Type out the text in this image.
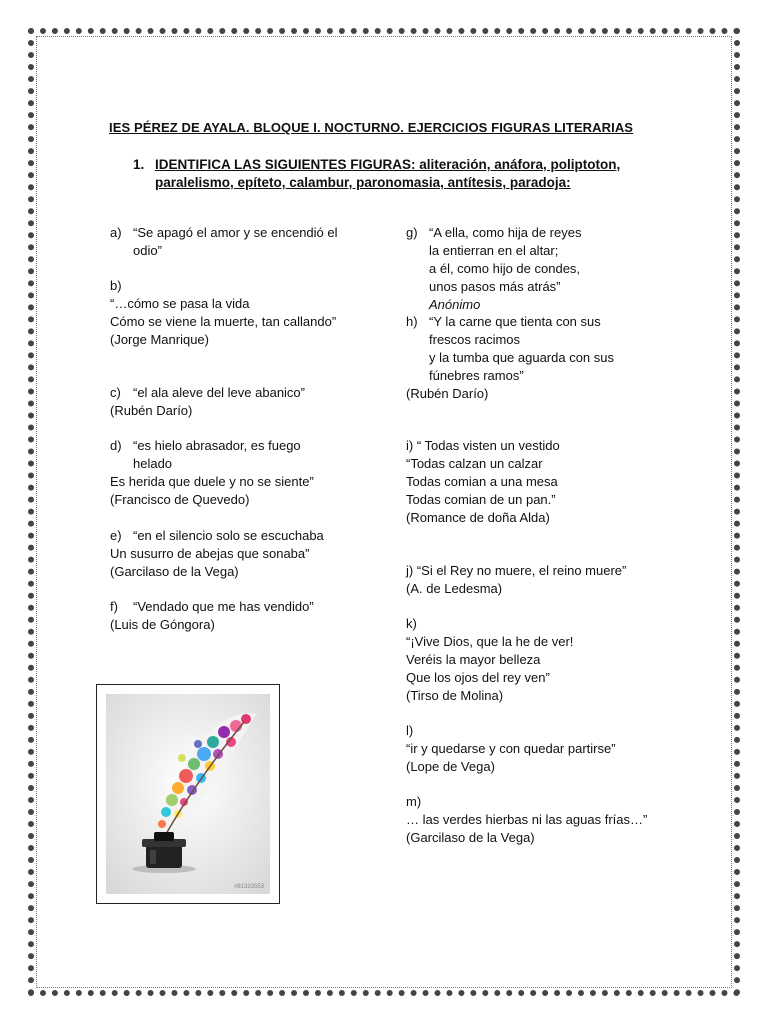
IES PÉREZ DE AYALA. BLOQUE I. NOCTURNO. EJERCICIOS FIGURAS LITERARIAS
1. IDENTIFICA LAS SIGUIENTES FIGURAS: aliteración, anáfora, poliptoton,
paralelismo, epíteto, calambur, paronomasia, antítesis, paradoja:
a) “Se apagó el amor y se encendió el
odio”
b)
“…cómo se pasa la vida
Cómo se viene la muerte, tan callando”
(Jorge Manrique)
c) “el ala aleve del leve abanico”
(Rubén Darío)
d) “es hielo abrasador, es fuego
helado
Es herida que duele y no se siente”
(Francisco de Quevedo)
e) “en el silencio solo se escuchaba
Un susurro de abejas que sonaba”
(Garcilaso de la Vega)
f) “Vendado que me has vendido”
(Luis de Góngora)
g) “A ella, como hija de reyes
la entierran en el altar;
a él, como hijo de condes,
unos pasos más atrás”
Anónimo
h) “Y la carne que tienta con sus
frescos racimos
y la tumba que aguarda con sus
fúnebres ramos”
(Rubén Darío)
i) “ Todas visten un vestido
“Todas calzan un calzar
Todas comian a una mesa
Todas comian de un pan.”
(Romance de doña Alda)
j) “Si el Rey no muere, el reino muere”
(A. de Ledesma)
k)
“¡Vive Dios, que la he de ver!
Veréis la mayor belleza
Que los ojos del rey ven”
(Tirso de Molina)
l)
“ir y quedarse y con quedar partirse”
(Lope de Vega)
m)
… las verdes hierbas ni las aguas frías…”
(Garcilaso de la Vega)
#81333553
